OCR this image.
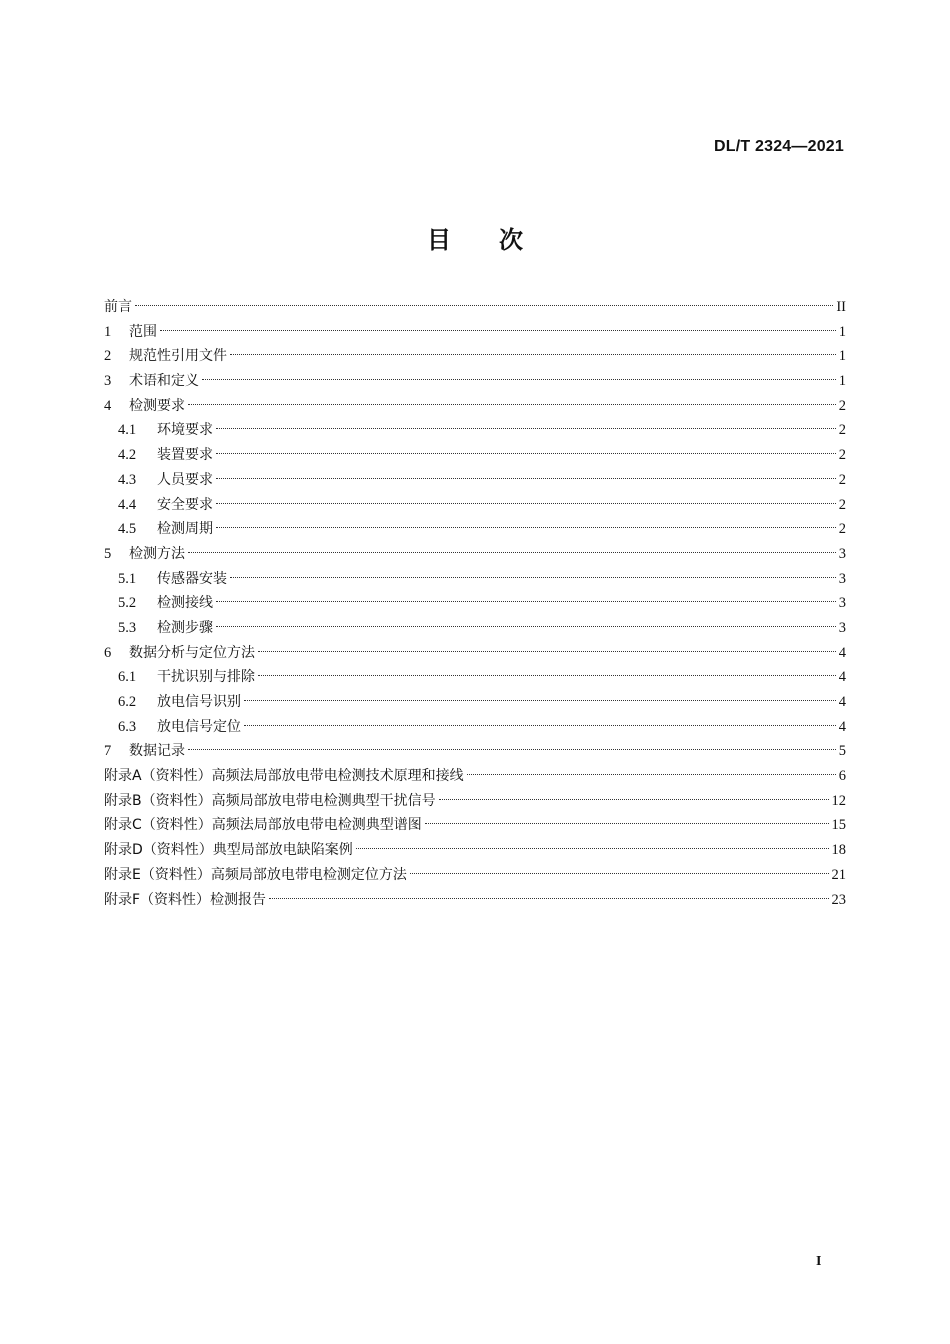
DL/T 2324—2021
目次
前言	II
1	范围	1
2	规范性引用文件	1
3	术语和定义	1
4	检测要求	2
4.1	环境要求	2
4.2	装置要求	2
4.3	人员要求	2
4.4	安全要求	2
4.5	检测周期	2
5	检测方法	3
5.1	传感器安装	3
5.2	检测接线	3
5.3	检测步骤	3
6	数据分析与定位方法	4
6.1	干扰识别与排除	4
6.2	放电信号识别	4
6.3	放电信号定位	4
7	数据记录	5
附录A（资料性）高频法局部放电带电检测技术原理和接线	6
附录B（资料性）高频局部放电带电检测典型干扰信号	12
附录C（资料性）高频法局部放电带电检测典型谱图	15
附录D（资料性）典型局部放电缺陷案例	18
附录E（资料性）高频局部放电带电检测定位方法	21
附录F（资料性）检测报告	23
I
